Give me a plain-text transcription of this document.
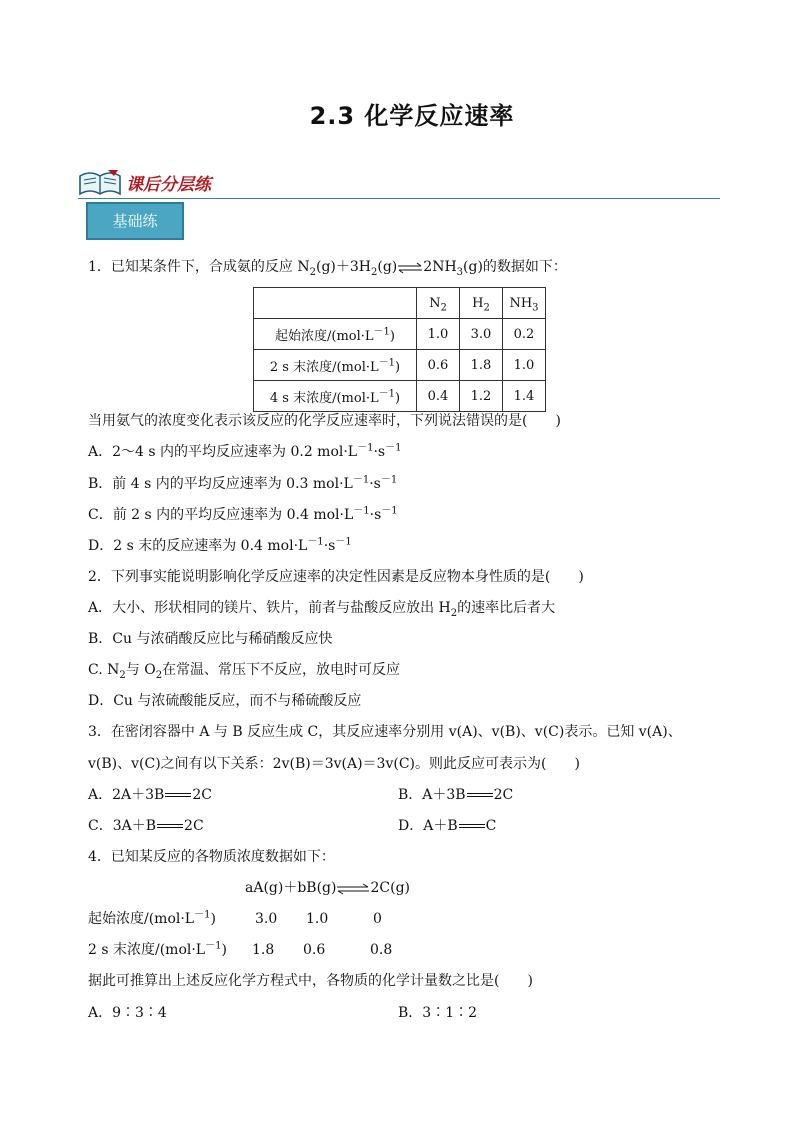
2.3 化学反应速率
课后分层练
基础练
1．已知某条件下，合成氨的反应 $N_2(g)+3H_2(g)\rightleftharpoons 2NH_3(g)$的数据如下：
	$N_2$	$H_2$	$NH_3$
起始浓度$/(mol\cdot L^{-1})$	1.0	3.0	0.2
2 s 末浓度$/(mol\cdot L^{-1})$	0.6	1.8	1.0
4 s 末浓度$/(mol\cdot L^{-1})$	0.4	1.2	1.4
当用氨气的浓度变化表示该反应的化学反应速率时，下列说法错误的是(　　)
A．2～4 s 内的平均反应速率为 0.2 $mol\cdot L^{-1}\cdot s^{-1}$
B．前 4 s 内的平均反应速率为 0.3 $mol\cdot L^{-1}\cdot s^{-1}$
C．前 2 s 内的平均反应速率为 0.4 $mol\cdot L^{-1}\cdot s^{-1}$
D．2 s 末的反应速率为 0.4 $mol\cdot L^{-1}\cdot s^{-1}$
2．下列事实能说明影响化学反应速率的决定性因素是反应物本身性质的是(　　)
A．大小、形状相同的镁片、铁片，前者与盐酸反应放出 $H_2$的速率比后者大
B．Cu 与浓硝酸反应比与稀硝酸反应快
C. $N_2$与 $O_2$在常温、常压下不反应，放电时可反应
D．Cu 与浓硫酸能反应，而不与稀硫酸反应
3．在密闭容器中 A 与 B 反应生成 C，其反应速率分别用 v(A)、v(B)、v(C)表示。已知 v(A)、
v(B)、v(C)之间有以下关系：2v(B)＝3v(A)＝3v(C)。则此反应可表示为(　　)
A．2A＋3B 2C	B．A＋3B 2C
C．3A＋B 2C	D．A＋B C
4．已知某反应的各物质浓度数据如下：
aA(g)＋bB(g)⇌2C(g)
起始浓度$/(mol\cdot L^{-1})$	3.0 1.0	0
2 s 末浓度$/(mol\cdot L^{-1})$ 1.8 0.6	0.8
据此可推算出上述反应化学方程式中，各物质的化学计量数之比是(　　)
A．9∶3∶4	B．3∶1∶2
